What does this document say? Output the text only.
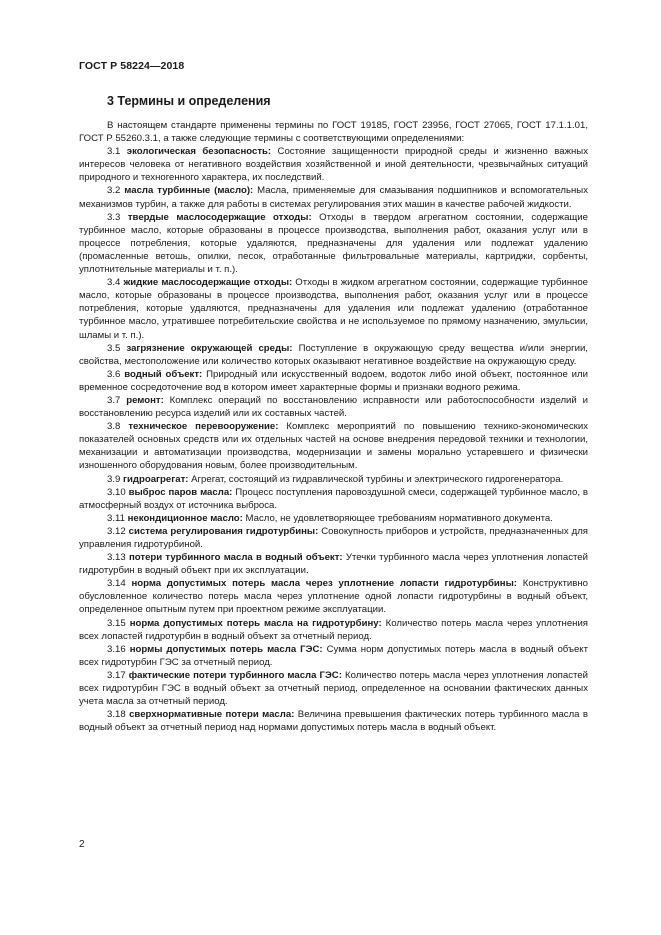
ГОСТ Р 58224—2018
3 Термины и определения

В настоящем стандарте применены термины по ГОСТ 19185, ГОСТ 23956, ГОСТ 27065, ГОСТ 17.1.1.01, ГОСТ Р 55260.3.1, а также следующие термины с соответствующими определениями:

3.1 экологическая безопасность: Состояние защищенности природной среды и жизненно важных интересов человека от негативного воздействия хозяйственной и иной деятельности, чрезвычайных ситуаций природного и техногенного характера, их последствий.

3.2 масла турбинные (масло): Масла, применяемые для смазывания подшипников и вспомогательных механизмов турбин, а также для работы в системах регулирования этих машин в качестве рабочей жидкости.

3.3 твердые маслосодержащие отходы: Отходы в твердом агрегатном состоянии, содержащие турбинное масло, которые образованы в процессе производства, выполнения работ, оказания услуг или в процессе потребления, которые удаляются, предназначены для удаления или подлежат удалению (промасленные ветошь, опилки, песок, отработанные фильтровальные материалы, картриджи, сорбенты, уплотнительные материалы и т. п.).

3.4 жидкие маслосодержащие отходы: Отходы в жидком агрегатном состоянии, содержащие турбинное масло, которые образованы в процессе производства, выполнения работ, оказания услуг или в процессе потребления, которые удаляются, предназначены для удаления или подлежат удалению (отработанное турбинное масло, утратившее потребительские свойства и не используемое по прямому назначению, эмульсии, шламы и т. п.).

3.5 загрязнение окружающей среды: Поступление в окружающую среду вещества и/или энергии, свойства, местоположение или количество которых оказывают негативное воздействие на окружающую среду.

3.6 водный объект: Природный или искусственный водоем, водоток либо иной объект, постоянное или временное сосредоточение вод в котором имеет характерные формы и признаки водного режима.

3.7 ремонт: Комплекс операций по восстановлению исправности или работоспособности изделий и восстановлению ресурса изделий или их составных частей.

3.8 техническое перевооружение: Комплекс мероприятий по повышению технико-экономических показателей основных средств или их отдельных частей на основе внедрения передовой техники и технологии, механизации и автоматизации производства, модернизации и замены морально устаревшего и физически изношенного оборудования новым, более производительным.

3.9 гидроагрегат: Агрегат, состоящий из гидравлической турбины и электрического гидрогенератора.

3.10 выброс паров масла: Процесс поступления паровоздушной смеси, содержащей турбинное масло, в атмосферный воздух от источника выброса.

3.11 некондиционное масло: Масло, не удовлетворяющее требованиям нормативного документа.

3.12 система регулирования гидротурбины: Совокупность приборов и устройств, предназначенных для управления гидротурбиной.

3.13 потери турбинного масла в водный объект: Утечки турбинного масла через уплотнения лопастей гидротурбин в водный объект при их эксплуатации.

3.14 норма допустимых потерь масла через уплотнение лопасти гидротурбины: Конструктивно обусловленное количество потерь масла через уплотнение одной лопасти гидротурбины в водный объект, определенное опытным путем при проектном режиме эксплуатации.

3.15 норма допустимых потерь масла на гидротурбину: Количество потерь масла через уплотнения всех лопастей гидротурбин в водный объект за отчетный период.

3.16 нормы допустимых потерь масла ГЭС: Сумма норм допустимых потерь масла в водный объект всех гидротурбин ГЭС за отчетный период.

3.17 фактические потери турбинного масла ГЭС: Количество потерь масла через уплотнения лопастей всех гидротурбин ГЭС в водный объект за отчетный период, определенное на основании фактических данных учета масла за отчетный период.

3.18 сверхнормативные потери масла: Величина превышения фактических потерь турбинного масла в водный объект за отчетный период над нормами допустимых потерь масла в водный объект.

2
